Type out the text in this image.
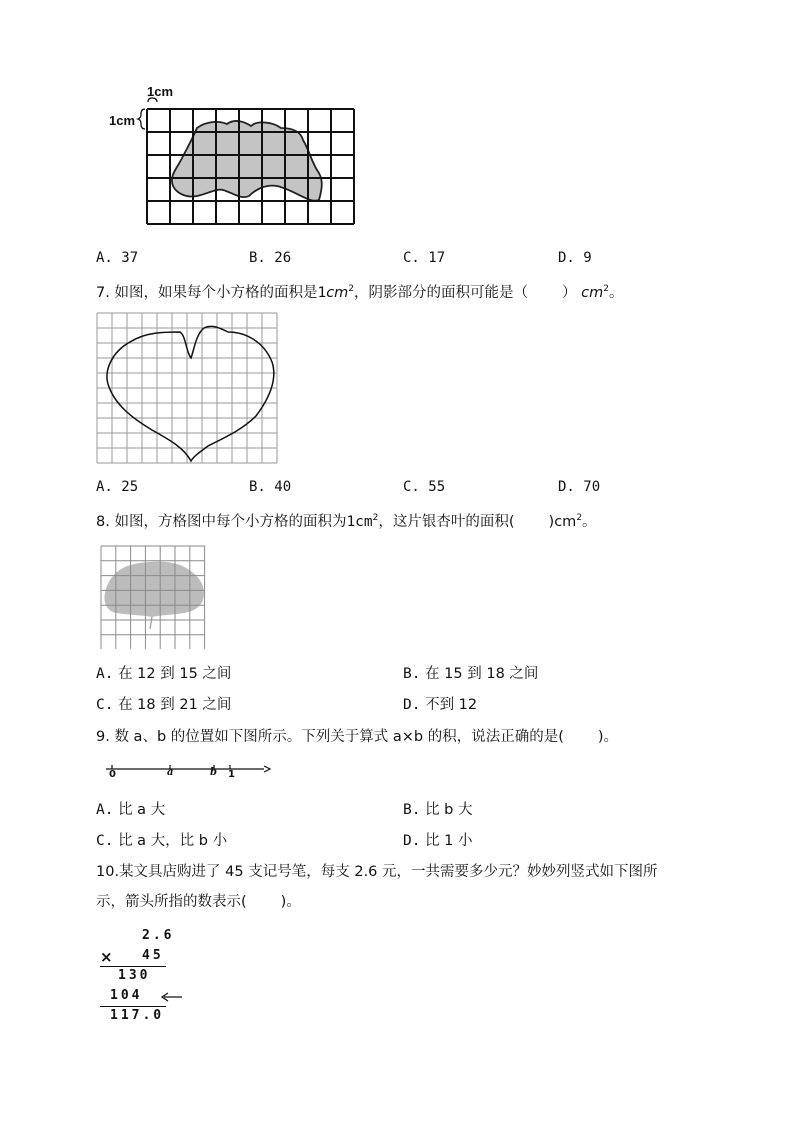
1cm
1cm
A. 37	B. 26	C. 17	D. 9
7. 如图，如果每个小方格的面积是$1cm^2$，阴影部分的面积可能是（ ） $cm^2$。
A. 25	B. 40	C. 55	D. 70
8. 如图，方格图中每个小方格的面积为$1cm^2$，这片银杏叶的面积( )$cm^2$。
A. 在 12 到 15 之间	B. 在 15 到 18 之间
C. 在 18 到 21 之间	D. 不到 12
9. 数 a、b 的位置如下图所示。下列关于算式 a×b 的积，说法正确的是( )。
0	a	b 1
A. 比 a 大	B. 比 b 大
C. 比 a 大，比 b 小	D. 比 1 小
10.某文具店购进了 45 支记号笔，每支 2.6 元，一共需要多少元？妙妙列竖式如下图所
示，箭头所指的数表示( )。
2.6
× 45
130
104
117.0
